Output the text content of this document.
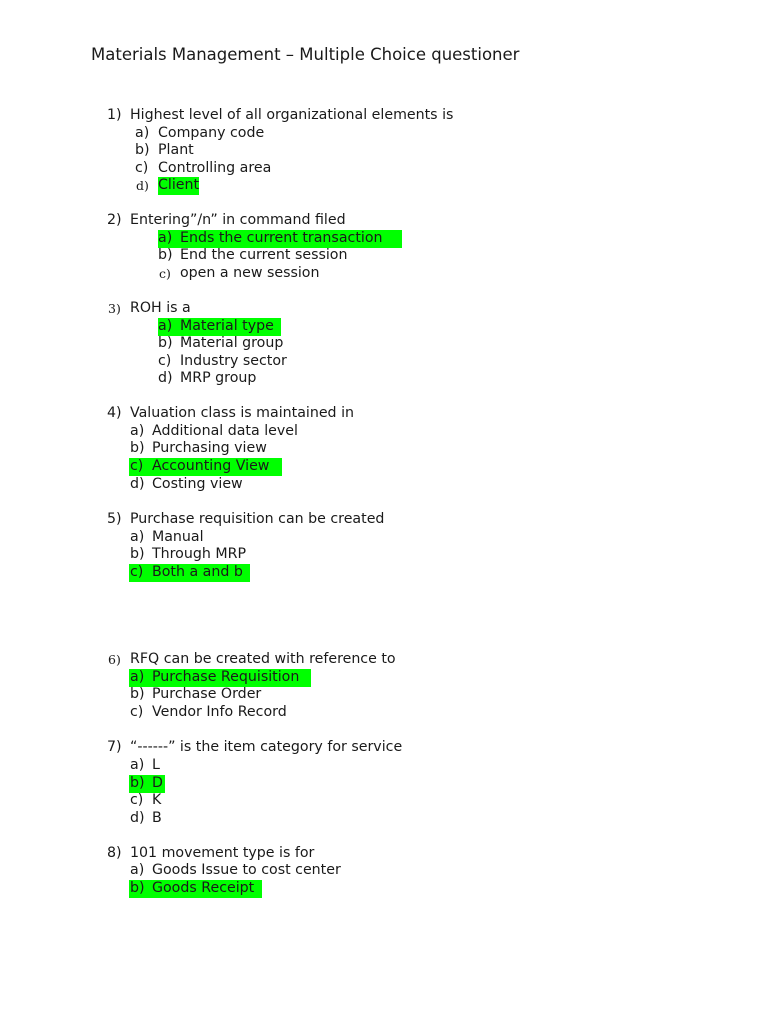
Materials Management – Multiple Choice questioner
1) Highest level of all organizational elements is
a) Company code
b) Plant
c) Controlling area
d) Client
2) Entering”/n” in command filed
a) Ends the current transaction
b) End the current session
c) open a new session
3) ROH is a
a) Material type
b) Material group
c) Industry sector
d) MRP group
4) Valuation class is maintained in
a) Additional data level
b) Purchasing view
c) Accounting View
d) Costing view
5) Purchase requisition can be created
a) Manual
b) Through MRP
c) Both a and b
6) RFQ can be created with reference to
a) Purchase Requisition
b) Purchase Order
c) Vendor Info Record
7) “------” is the item category for service
a) L
b) D
c) K
d) B
8) 101 movement type is for
a) Goods Issue to cost center
b) Goods Receipt
